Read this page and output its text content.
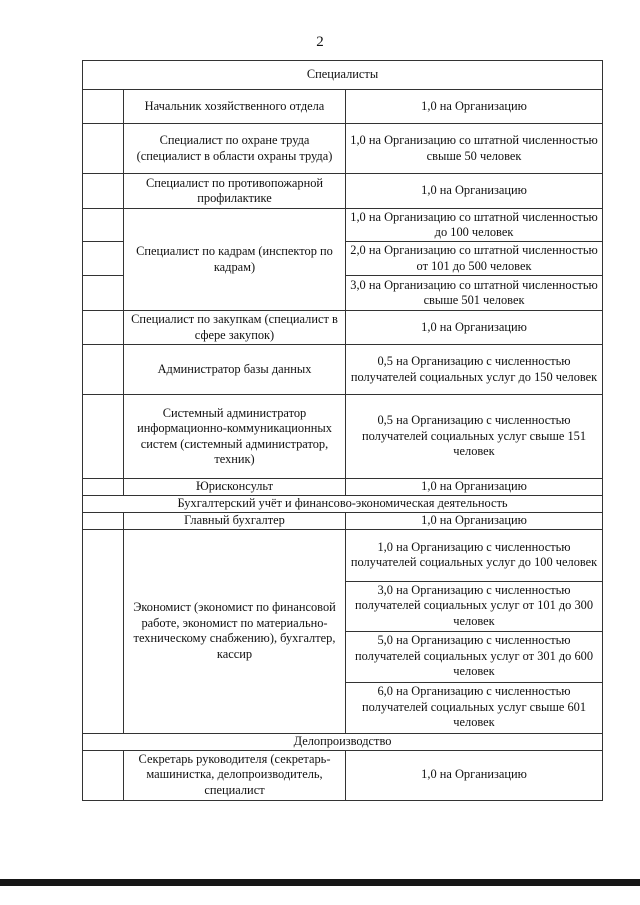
2
Специалисты		
	Начальник хозяйственного отдела	1,0 на Организацию
	Специалист по охране труда (специалист в области охраны труда)	1,0 на Организацию со штатной численностью свыше 50 человек
	Специалист по противопожарной профилактике	1,0 на Организацию
	Специалист по кадрам (инспектор по кадрам)	1,0 на Организацию со штатной численностью до 100 человек
		2,0 на Организацию со штатной численностью от 101 до 500 человек
		3,0 на Организацию со штатной численностью свыше 501 человек
	Специалист по закупкам (специалист в сфере закупок)	1,0 на Организацию
	Администратор базы данных	0,5 на Организацию с численностью получателей социальных услуг до 150 человек
	Системный администратор информационно-коммуникационных систем (системный администратор, техник)	0,5 на Организацию с численностью получателей социальных услуг свыше 151 человек
	Юрисконсульт	1,0 на Организацию
Бухгалтерский учёт и финансово-экономическая деятельность		
	Главный бухгалтер	1,0 на Организацию
	Экономист (экономист по финансовой работе, экономист по материально-техническому снабжению), бухгалтер, кассир	1,0 на Организацию с численностью получателей социальных услуг до 100 человек
		3,0 на Организацию с численностью получателей социальных услуг от 101 до 300 человек
		5,0 на Организацию с численностью получателей социальных услуг от 301 до 600 человек
		6,0 на Организацию с численностью получателей социальных услуг свыше 601 человек
Делопроизводство		
	Секретарь руководителя (секретарь-машинистка, делопроизводитель, специалист	1,0 на Организацию
